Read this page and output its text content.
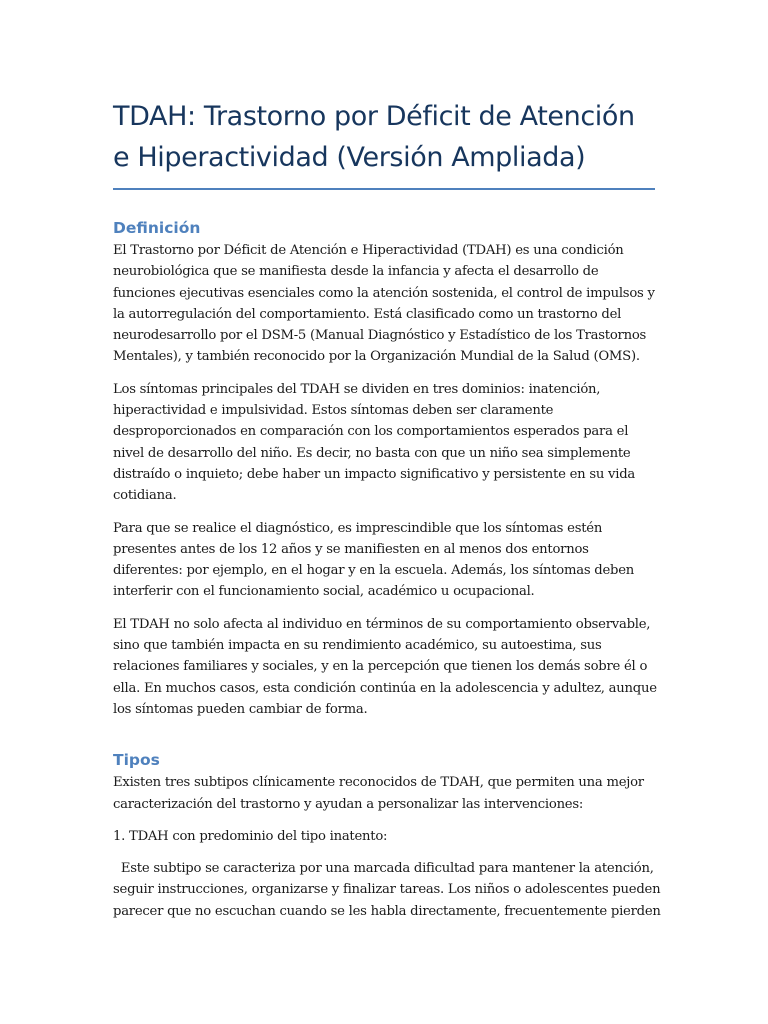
TDAH: Trastorno por Déficit de Atención
e Hiperactividad (Versión Ampliada)
Definición

El Trastorno por Déficit de Atención e Hiperactividad (TDAH) es una condición
neurobiológica que se manifiesta desde la infancia y afecta el desarrollo de
funciones ejecutivas esenciales como la atención sostenida, el control de impulsos y
la autorregulación del comportamiento. Está clasificado como un trastorno del
neurodesarrollo por el DSM-5 (Manual Diagnóstico y Estadístico de los Trastornos
Mentales), y también reconocido por la Organización Mundial de la Salud (OMS).

Los síntomas principales del TDAH se dividen en tres dominios: inatención,
hiperactividad e impulsividad. Estos síntomas deben ser claramente
desproporcionados en comparación con los comportamientos esperados para el
nivel de desarrollo del niño. Es decir, no basta con que un niño sea simplemente
distraído o inquieto; debe haber un impacto significativo y persistente en su vida
cotidiana.

Para que se realice el diagnóstico, es imprescindible que los síntomas estén
presentes antes de los 12 años y se manifiesten en al menos dos entornos
diferentes: por ejemplo, en el hogar y en la escuela. Además, los síntomas deben
interferir con el funcionamiento social, académico u ocupacional.

El TDAH no solo afecta al individuo en términos de su comportamiento observable,
sino que también impacta en su rendimiento académico, su autoestima, sus
relaciones familiares y sociales, y en la percepción que tienen los demás sobre él o
ella. En muchos casos, esta condición continúa en la adolescencia y adultez, aunque
los síntomas pueden cambiar de forma.

Tipos

Existen tres subtipos clínicamente reconocidos de TDAH, que permiten una mejor
caracterización del trastorno y ayudan a personalizar las intervenciones:

1. TDAH con predominio del tipo inatento:

Este subtipo se caracteriza por una marcada dificultad para mantener la atención,
seguir instrucciones, organizarse y finalizar tareas. Los niños o adolescentes pueden
parecer que no escuchan cuando se les habla directamente, frecuentemente pierden
